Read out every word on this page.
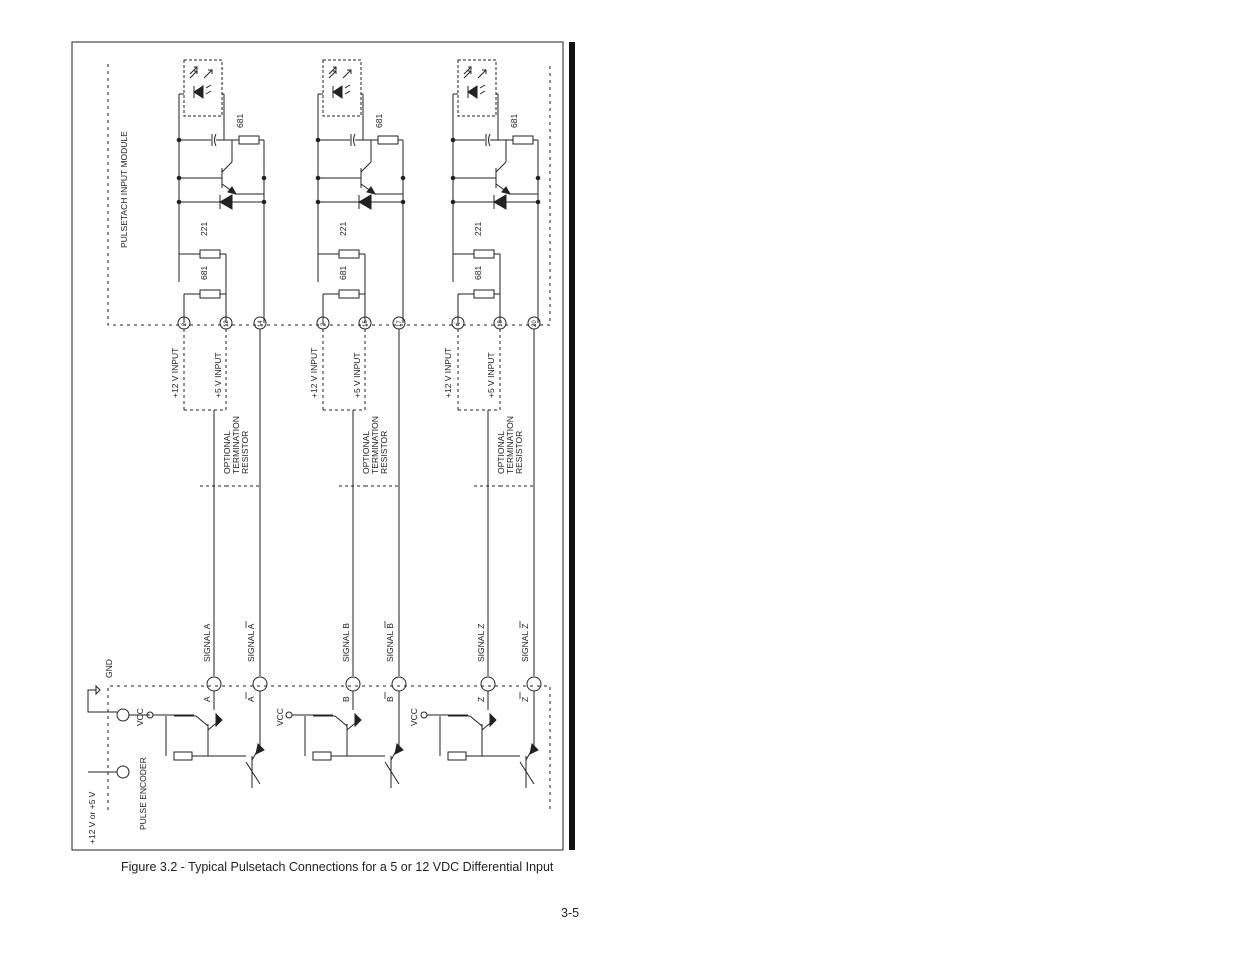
PULSETACH INPUT MODULE
PULSE ENCODER
+12 V or +5 V
GND
VCC	VCC	VCC
+12 V INPUT	+5 V INPUT
OPTIONAL TERMINATION RESISTOR
SIGNAL A	SIGNAL A
A	A
681
221
681
2	12	14
+12 V INPUT	+5 V INPUT
OPTIONAL TERMINATION RESISTOR
SIGNAL B	SIGNAL B
B	B
681
221
681
3	15	17
+12 V INPUT	+5 V INPUT
OPTIONAL TERMINATION RESISTOR
SIGNAL Z	SIGNAL Z
Z	Z
681
221
681
4	18	20
Figure 3.2 - Typical Pulsetach Connections for a 5 or 12 VDC Differential Input
3-5
